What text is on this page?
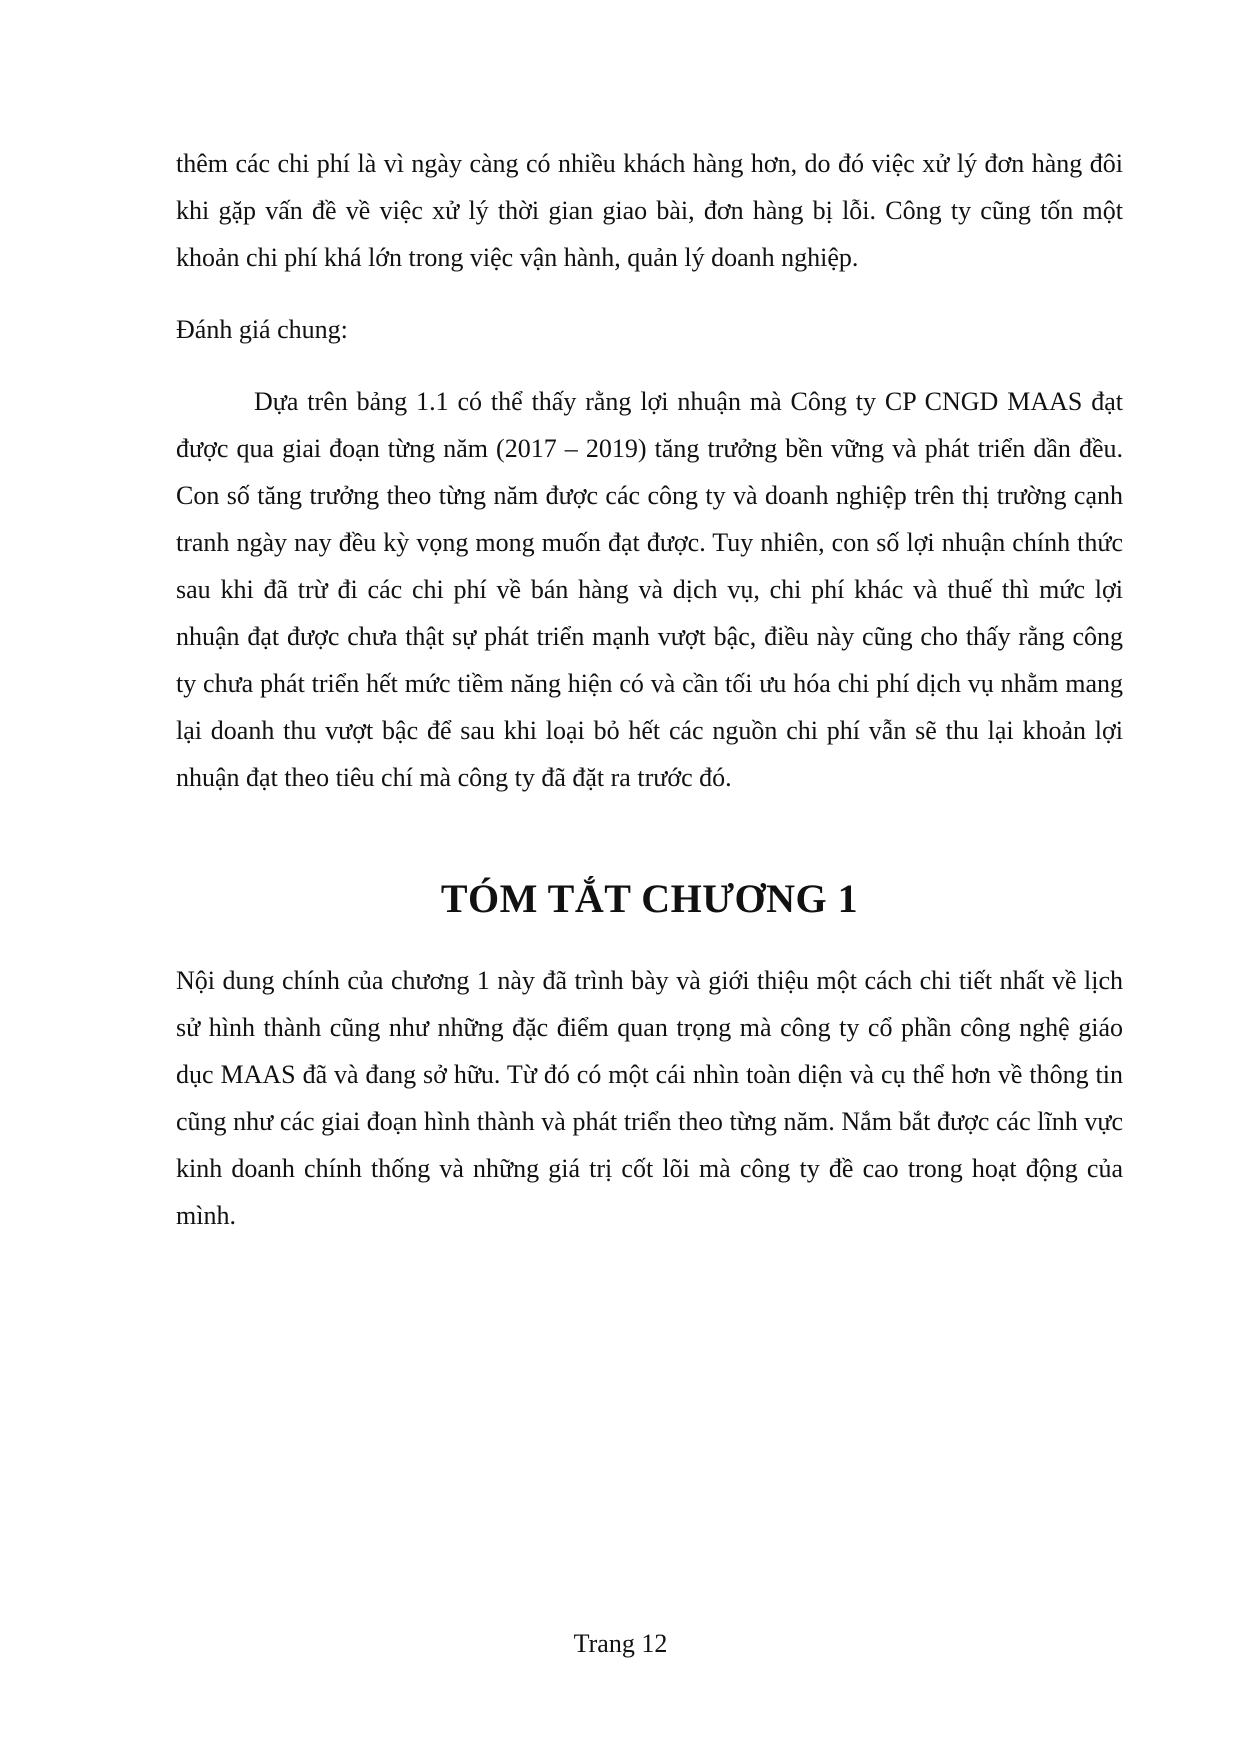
thêm các chi phí là vì ngày càng có nhiều khách hàng hơn, do đó việc xử lý đơn hàng đôi khi gặp vấn đề về việc xử lý thời gian giao bài, đơn hàng bị lỗi. Công ty cũng tốn một khoản chi phí khá lớn trong việc vận hành, quản lý doanh nghiệp.

Đánh giá chung:

Dựa trên bảng 1.1 có thể thấy rằng lợi nhuận mà Công ty CP CNGD MAAS đạt được qua giai đoạn từng năm (2017 – 2019) tăng trưởng bền vững và phát triển dần đều. Con số tăng trưởng theo từng năm được các công ty và doanh nghiệp trên thị trường cạnh tranh ngày nay đều kỳ vọng mong muốn đạt được. Tuy nhiên, con số lợi nhuận chính thức sau khi đã trừ đi các chi phí về bán hàng và dịch vụ, chi phí khác và thuế thì mức lợi nhuận đạt được chưa thật sự phát triển mạnh vượt bậc, điều này cũng cho thấy rằng công ty chưa phát triển hết mức tiềm năng hiện có và cần tối ưu hóa chi phí dịch vụ nhằm mang lại doanh thu vượt bậc để sau khi loại bỏ hết các nguồn chi phí vẫn sẽ thu lại khoản lợi nhuận đạt theo tiêu chí mà công ty đã đặt ra trước đó.

TÓM TẮT CHƯƠNG 1

Nội dung chính của chương 1 này đã trình bày và giới thiệu một cách chi tiết nhất về lịch sử hình thành cũng như những đặc điểm quan trọng mà công ty cổ phần công nghệ giáo dục MAAS đã và đang sở hữu. Từ đó có một cái nhìn toàn diện và cụ thể hơn về thông tin cũng như các giai đoạn hình thành và phát triển theo từng năm. Nắm bắt được các lĩnh vực kinh doanh chính thống và những giá trị cốt lõi mà công ty đề cao trong hoạt động của mình.

Trang 12
